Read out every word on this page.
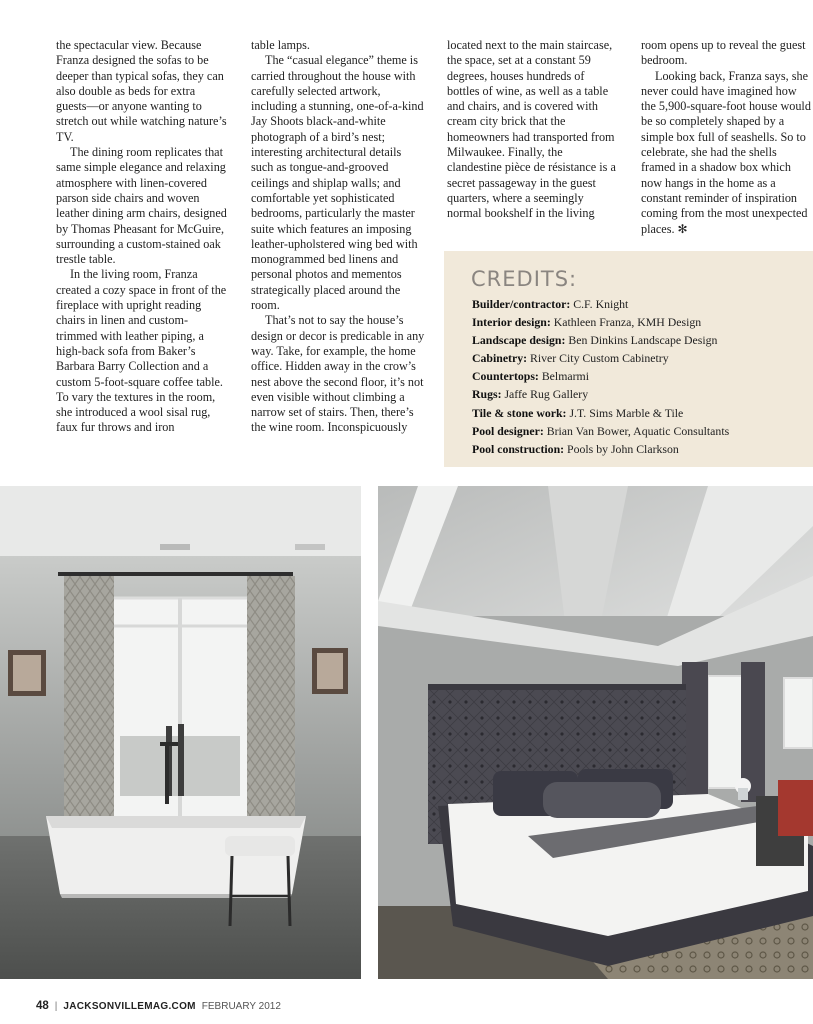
the spectacular view. Because Franza designed the sofas to be deeper than typical sofas, they can also double as beds for extra guests—or anyone wanting to stretch out while watching nature’s TV.

The dining room replicates that same simple elegance and relaxing atmosphere with linen-covered parson side chairs and woven leather dining arm chairs, designed by Thomas Pheasant for McGuire, surrounding a custom-stained oak trestle table.

In the living room, Franza created a cozy space in front of the fireplace with upright reading chairs in linen and custom-trimmed with leather piping, a high-back sofa from Baker’s Barbara Barry Collection and a custom 5-foot-square coffee table. To vary the textures in the room, she introduced a wool sisal rug, faux fur throws and iron

table lamps.

The “casual elegance” theme is carried throughout the house with carefully selected artwork, including a stunning, one-of-a-kind Jay Shoots black-and-white photograph of a bird’s nest; interesting architectural details such as tongue-and-grooved ceilings and shiplap walls; and comfortable yet sophisticated bedrooms, particularly the master suite which features an imposing leather-upholstered wing bed with monogrammed bed linens and personal photos and mementos strategically placed around the room.

That’s not to say the house’s design or decor is predicable in any way. Take, for example, the home office. Hidden away in the crow’s nest above the second floor, it’s not even visible without climbing a narrow set of stairs. Then, there’s the wine room. Inconspicuously

located next to the main staircase, the space, set at a constant 59 degrees, houses hundreds of bottles of wine, as well as a table and chairs, and is covered with cream city brick that the homeowners had transported from Milwaukee. Finally, the clandestine pièce de résistance is a secret passageway in the guest quarters, where a seemingly normal bookshelf in the living

room opens up to reveal the guest bedroom.

Looking back, Franza says, she never could have imagined how the 5,900-square-foot house would be so completely shaped by a simple box full of seashells. So to celebrate, she had the shells framed in a shadow box which now hangs in the home as a constant reminder of inspiration coming from the most unexpected places. ✻

CREDITS:
Builder/contractor: C.F. Knight
Interior design: Kathleen Franza, KMH Design
Landscape design: Ben Dinkins Landscape Design
Cabinetry: River City Custom Cabinetry
Countertops: Belmarmi
Rugs: Jaffe Rug Gallery
Tile & stone work: J.T. Sims Marble & Tile
Pool designer: Brian Van Bower, Aquatic Consultants
Pool construction: Pools by John Clarkson
48 | JACKSONVILLEMAG.COM FEBRUARY 2012
